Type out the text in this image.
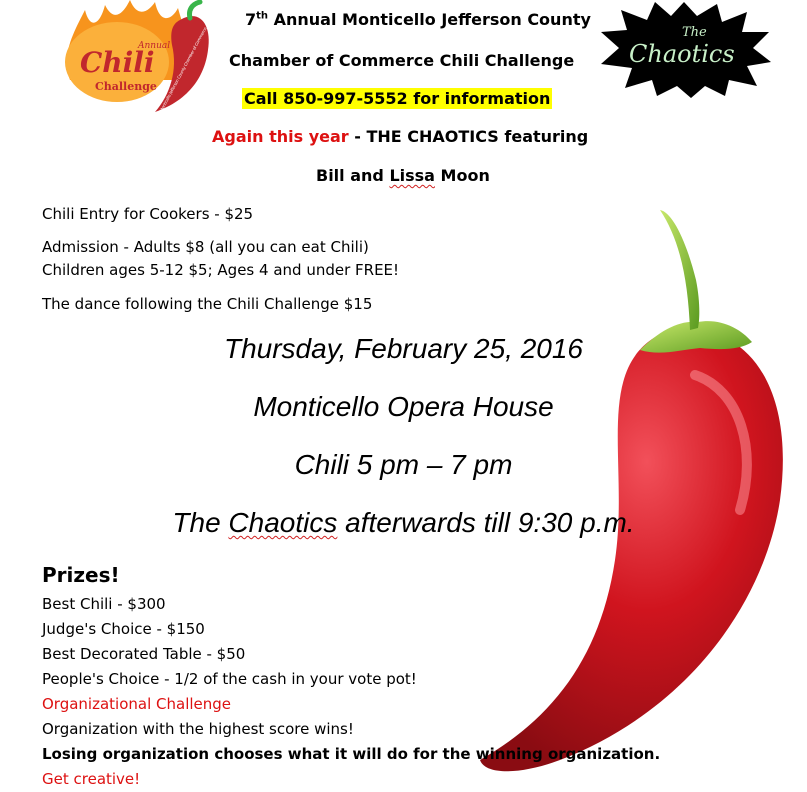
Annual
Chili
Challenge
Monticello Jefferson County Chamber of Commerce	The
Chaotics
7th Annual Monticello Jefferson County
Chamber of Commerce Chili Challenge
Call 850-997-5552 for information
Again this year - THE CHAOTICS featuring
Bill and Lissa Moon
Chili Entry for Cookers - $25
Admission - Adults $8 (all you can eat Chili)
Children ages 5-12 $5; Ages 4 and under FREE!
The dance following the Chili Challenge $15
Thursday, February 25, 2016
Monticello Opera House
Chili 5 pm – 7 pm
The Chaotics afterwards till 9:30 p.m.
Prizes!
Best Chili - $300
Judge's Choice - $150
Best Decorated Table - $50
People's Choice - 1/2 of the cash in your vote pot!
Organizational Challenge
Organization with the highest score wins!
Losing organization chooses what it will do for the winning organization.
Get creative!
